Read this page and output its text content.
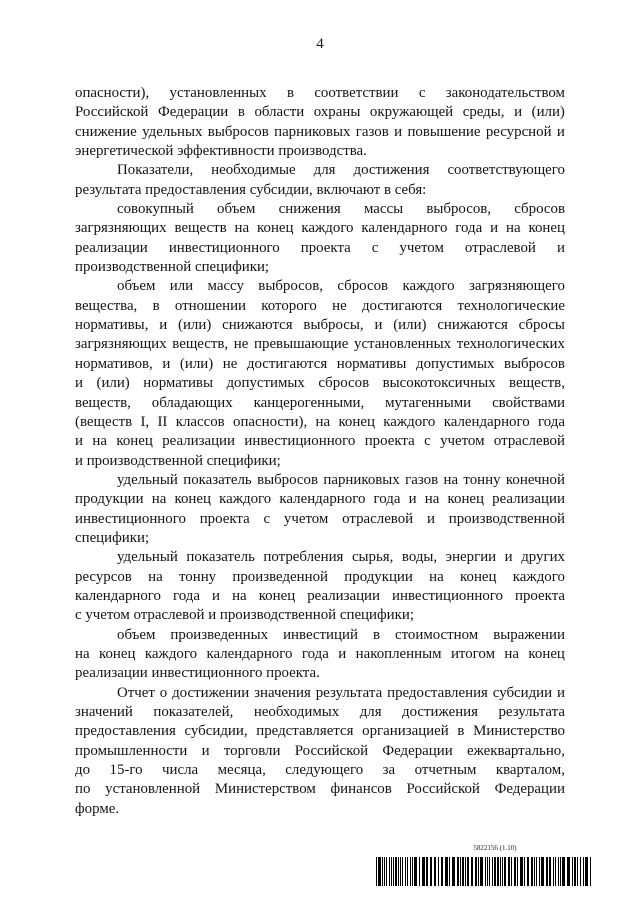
4
опасности), установленных в соответствии с законодательством
Российской Федерации в области охраны окружающей среды, и (или)
снижение удельных выбросов парниковых газов и повышение ресурсной и
энергетической эффективности производства.
Показатели, необходимые для достижения соответствующего
результата предоставления субсидии, включают в себя:
совокупный объем снижения массы выбросов, сбросов
загрязняющих веществ на конец каждого календарного года и на конец
реализации инвестиционного проекта с учетом отраслевой и
производственной специфики;
объем или массу выбросов, сбросов каждого загрязняющего
вещества, в отношении которого не достигаются технологические
нормативы, и (или) снижаются выбросы, и (или) снижаются сбросы
загрязняющих веществ, не превышающие установленных технологических
нормативов, и (или) не достигаются нормативы допустимых выбросов
и (или) нормативы допустимых сбросов высокотоксичных веществ,
веществ, обладающих канцерогенными, мутагенными свойствами
(веществ I, II классов опасности), на конец каждого календарного года
и на конец реализации инвестиционного проекта с учетом отраслевой
и производственной специфики;
удельный показатель выбросов парниковых газов на тонну конечной
продукции на конец каждого календарного года и на конец реализации
инвестиционного проекта с учетом отраслевой и производственной
специфики;
удельный показатель потребления сырья, воды, энергии и других
ресурсов на тонну произведенной продукции на конец каждого
календарного года и на конец реализации инвестиционного проекта
с учетом отраслевой и производственной специфики;
объем произведенных инвестиций в стоимостном выражении
на конец каждого календарного года и накопленным итогом на конец
реализации инвестиционного проекта.
Отчет о достижении значения результата предоставления субсидии и
значений показателей, необходимых для достижения результата
предоставления субсидии, представляется организацией в Министерство
промышленности и торговли Российской Федерации ежеквартально,
до 15-го числа месяца, следующего за отчетным кварталом,
по установленной Министерством финансов Российской Федерации
форме.
5822156 (1.10)
